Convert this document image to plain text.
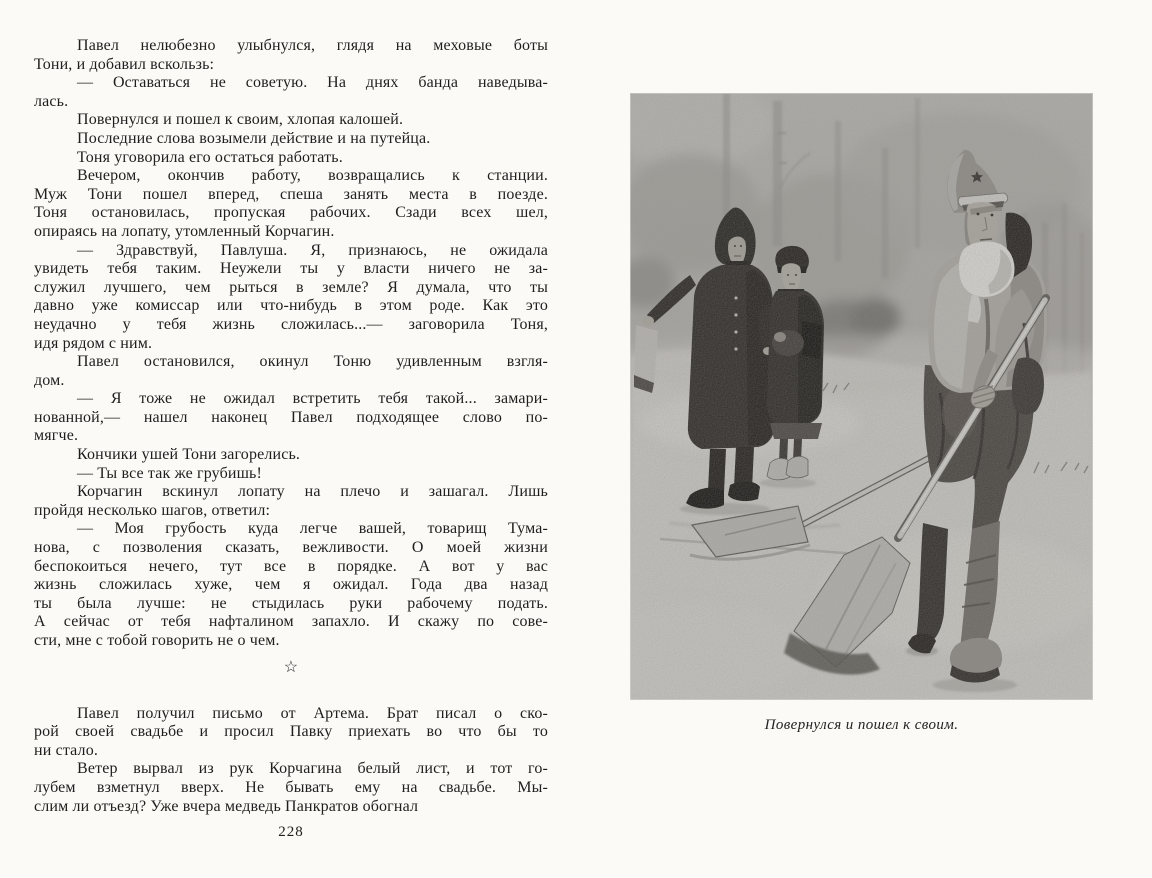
Павел нелюбезно улыбнулся, глядя на меховые боты
Тони, и добавил вскользь:

— Оставаться не советую. На днях банда наведыва-
лась.

Повернулся и пошел к своим, хлопая калошей.

Последние слова возымели действие и на путейца.

Тоня уговорила его остаться работать.

Вечером, окончив работу, возвращались к станции.
Муж Тони пошел вперед, спеша занять места в поезде.
Тоня остановилась, пропуская рабочих. Сзади всех шел,
опираясь на лопату, утомленный Корчагин.

— Здравствуй, Павлуша. Я, признаюсь, не ожидала
увидеть тебя таким. Неужели ты у власти ничего не за-
служил лучшего, чем рыться в земле? Я думала, что ты
давно уже комиссар или что-нибудь в этом роде. Как это
неудачно у тебя жизнь сложилась...— заговорила Тоня,
идя рядом с ним.

Павел остановился, окинул Тоню удивленным взгля-
дом.

— Я тоже не ожидал встретить тебя такой... замари-
нованной,— нашел наконец Павел подходящее слово по-
мягче.

Кончики ушей Тони загорелись.

— Ты все так же грубишь!

Корчагин вскинул лопату на плечо и зашагал. Лишь
пройдя несколько шагов, ответил:

— Моя грубость куда легче вашей, товарищ Тума-
нова, с позволения сказать, вежливости. О моей жизни
беспокоиться нечего, тут все в порядке. А вот у вас
жизнь сложилась хуже, чем я ожидал. Года два назад
ты была лучше: не стыдилась руки рабочему подать.
А сейчас от тебя нафталином запахло. И скажу по сове-
сти, мне с тобой говорить не о чем.

☆

Павел получил письмо от Артема. Брат писал о ско-
рой своей свадьбе и просил Павку приехать во что бы то
ни стало.

Ветер вырвал из рук Корчагина белый лист, и тот го-
лубем взметнул вверх. Не бывать ему на свадьбе. Мы-
слим ли отъезд? Уже вчера медведь Панкратов обогнал

228
Повернулся и пошел к своим.
